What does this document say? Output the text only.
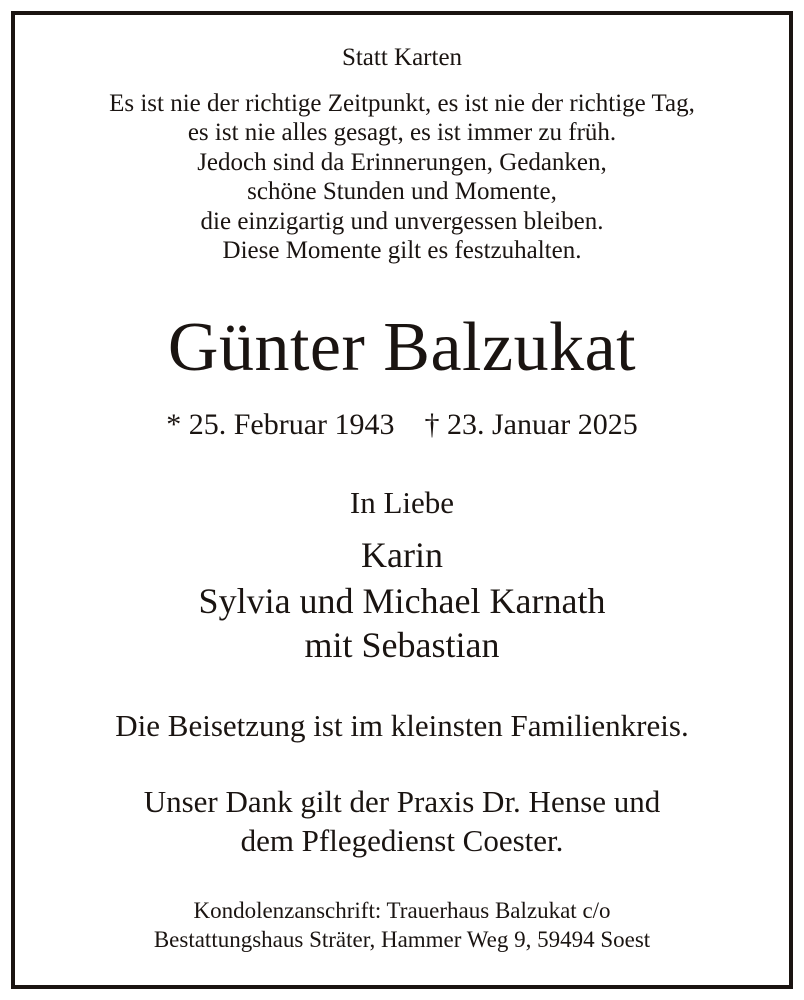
Statt Karten
Es ist nie der richtige Zeitpunkt, es ist nie der richtige Tag,
es ist nie alles gesagt, es ist immer zu früh.
Jedoch sind da Erinnerungen, Gedanken,
schöne Stunden und Momente,
die einzigartig und unvergessen bleiben.
Diese Momente gilt es festzuhalten.
Günter Balzukat
* 25. Februar 1943 † 23. Januar 2025
In Liebe
Karin
Sylvia und Michael Karnath
mit Sebastian
Die Beisetzung ist im kleinsten Familienkreis.
Unser Dank gilt der Praxis Dr. Hense und
dem Pflegedienst Coester.
Kondolenzanschrift: Trauerhaus Balzukat c/o
Bestattungshaus Sträter, Hammer Weg 9, 59494 Soest
